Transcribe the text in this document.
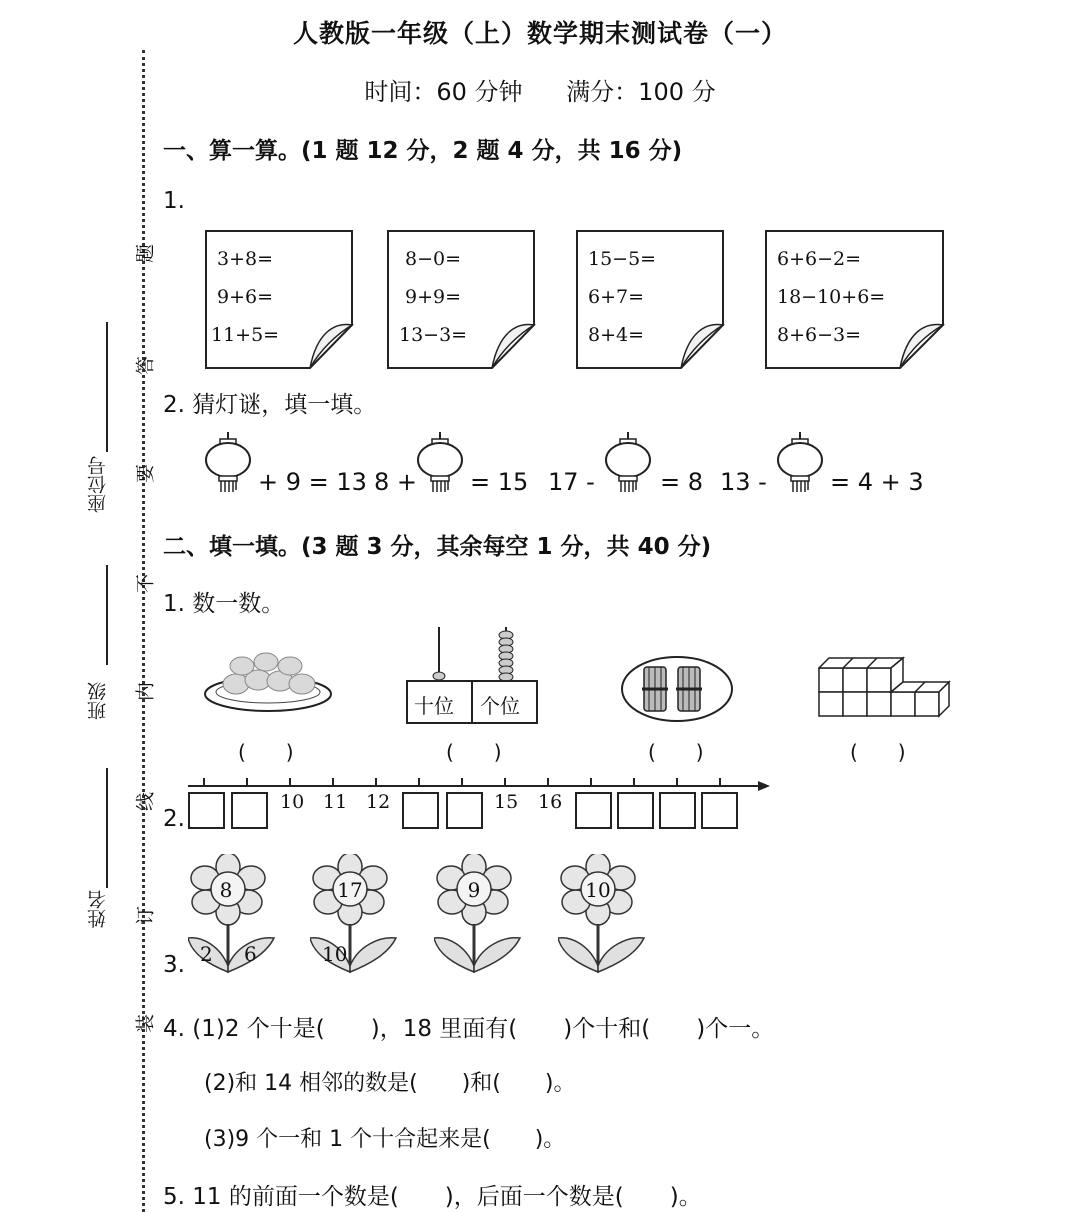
人教版一年级（上）数学期末测试卷（一）
时间：60 分钟 满分：100 分
座位号
班级
姓名
题
答
要
不
内
线
订
装
一、算一算。(1 题 12 分，2 题 4 分，共 16 分)
1.
3+8=
9+6=
11+5=
8−0=
9+9=
13−3=
15−5=
6+7=
8+4=
6+6−2=
18−10+6=
8+6−3=
2. 猜灯谜，填一填。
+ 9 = 13 8 + = 15 17 -	= 8 13 -	= 4 + 3
二、填一填。(3 题 3 分，其余每空 1 分，共 40 分)
1. 数一数。
(　　)
十位 个位
(　　)	(　　)	(　　)
2.
10 11 12	15 16
8
2 6
17
10
9	10
3.
4. (1)2 个十是(　　)，18 里面有(　　)个十和(　　)个一。
(2)和 14 相邻的数是(　　)和(　　)。
(3)9 个一和 1 个十合起来是(　　)。
5. 11 的前面一个数是(　　)，后面一个数是(　　)。
